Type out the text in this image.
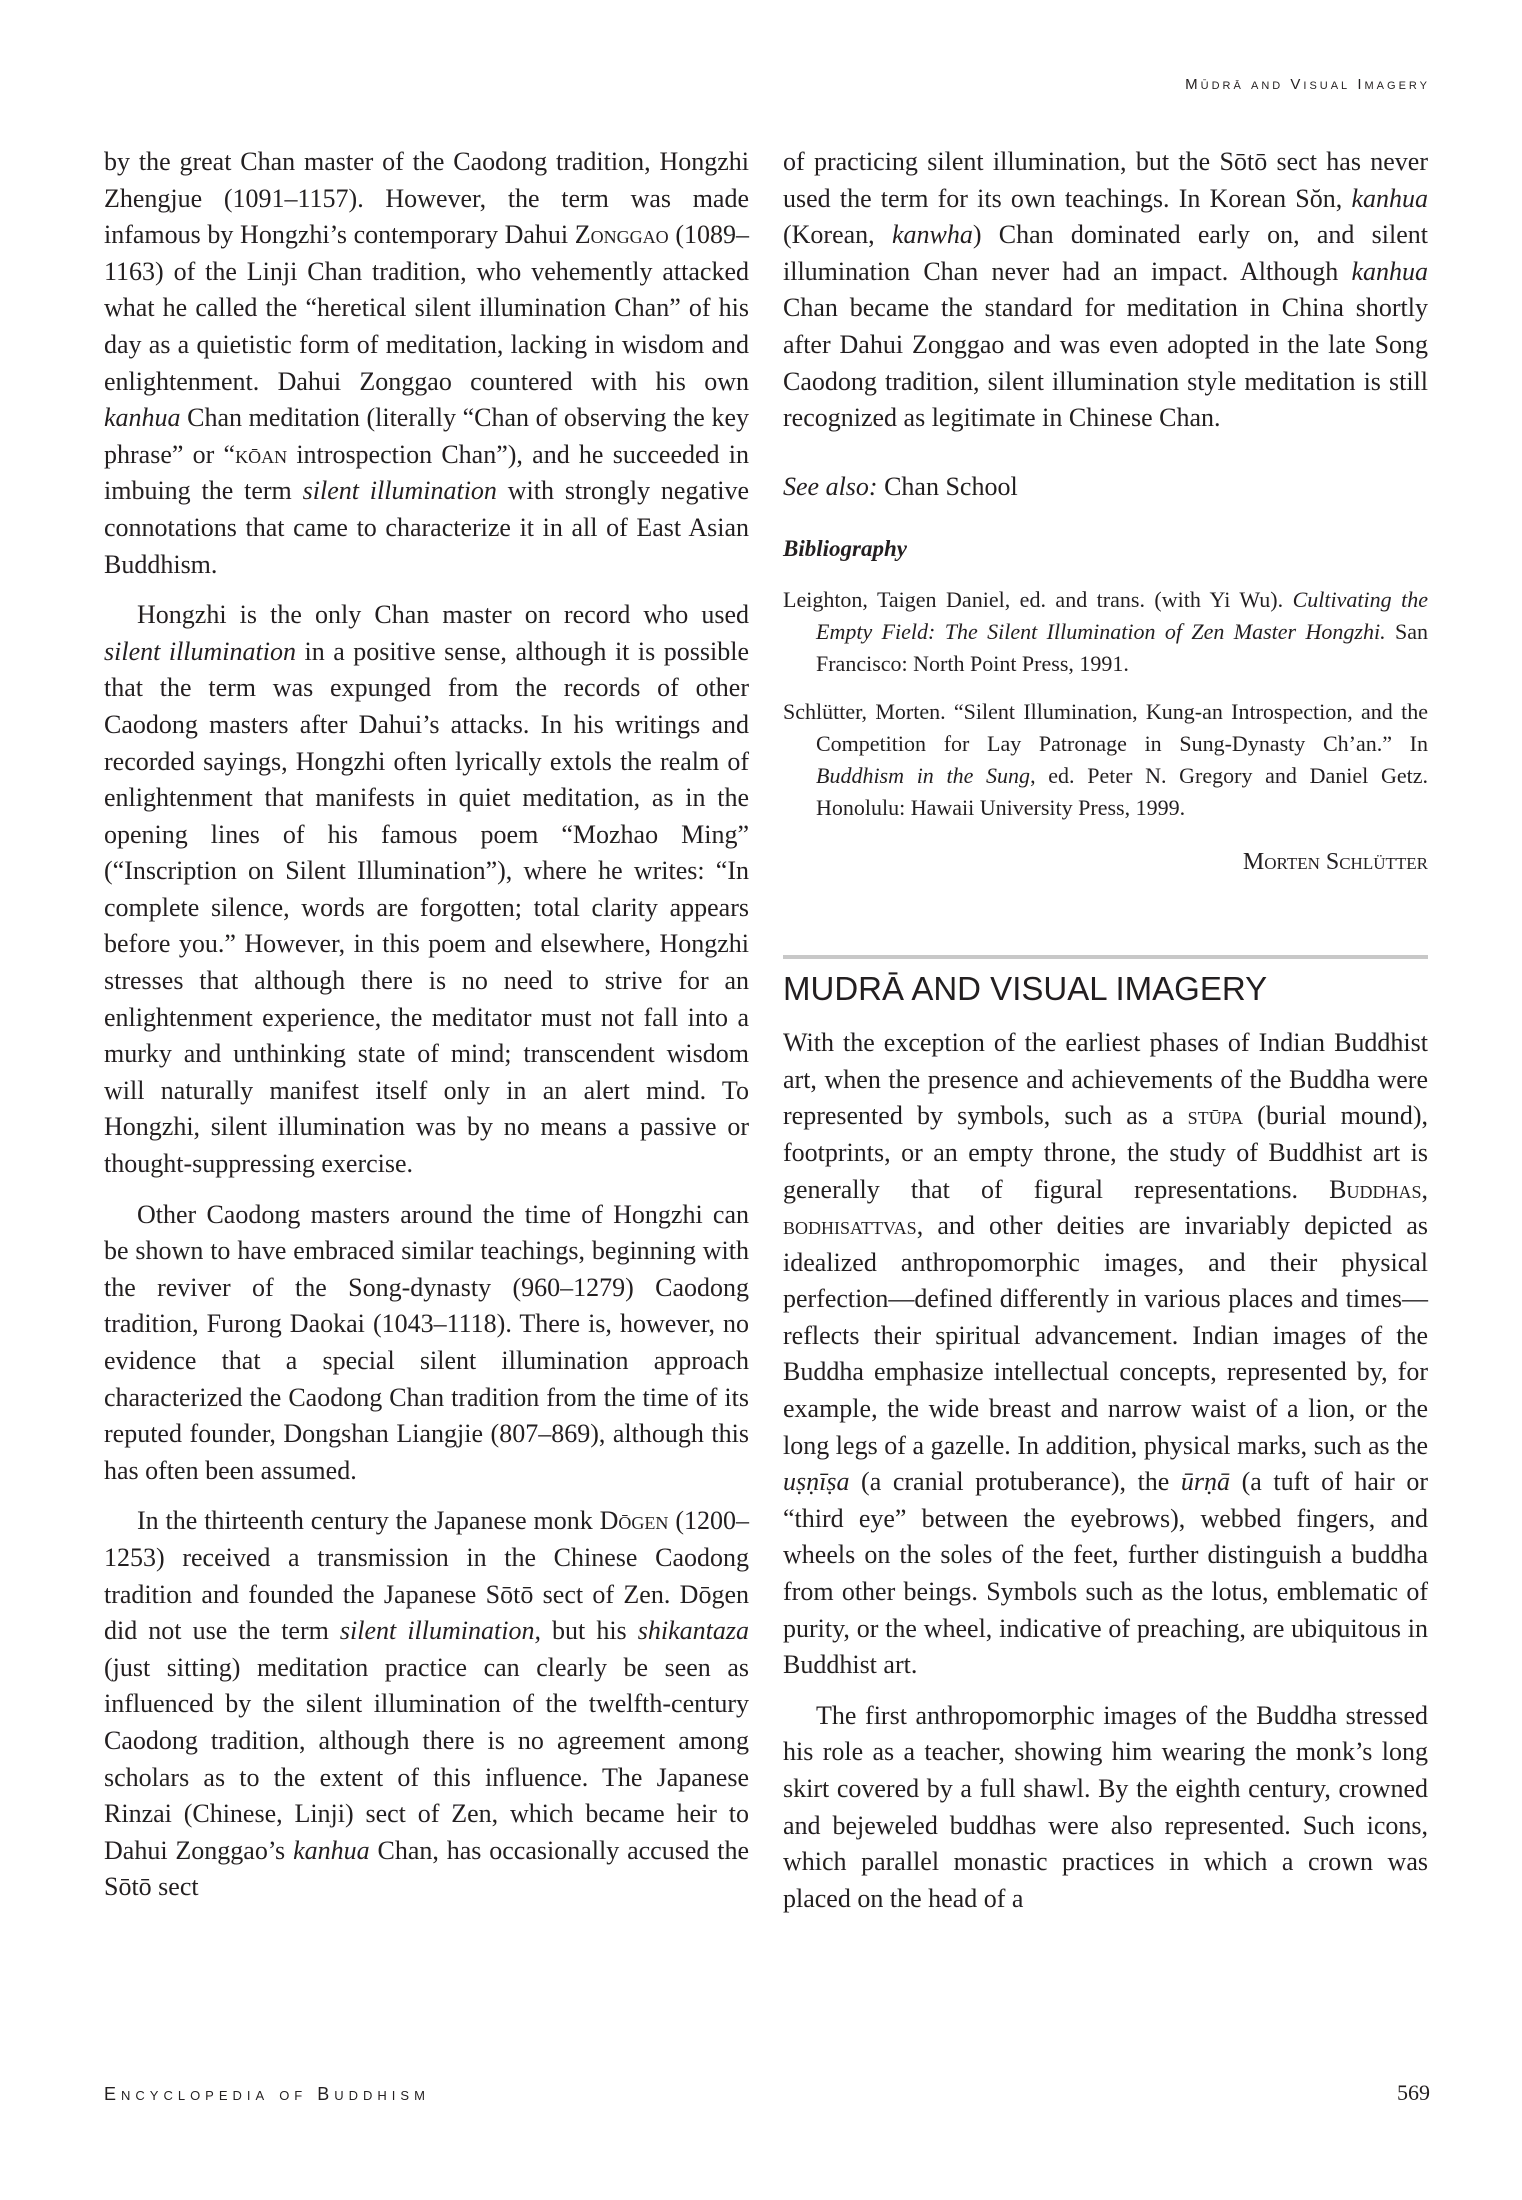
Mūdrā and Visual Imagery

by the great Chan master of the Caodong tradition, Hongzhi Zhengjue (1091–1157). However, the term was made infamous by Hongzhi’s contemporary Dahui Zonggao (1089–1163) of the Linji Chan tradition, who vehemently attacked what he called the “heretical silent illumination Chan” of his day as a quietistic form of meditation, lacking in wisdom and enlightenment. Dahui Zonggao countered with his own kanhua Chan meditation (literally “Chan of observing the key phrase” or “kōan introspection Chan”), and he succeeded in imbuing the term silent illumination with strongly negative connotations that came to characterize it in all of East Asian Buddhism.

Hongzhi is the only Chan master on record who used silent illumination in a positive sense, although it is possible that the term was expunged from the records of other Caodong masters after Dahui’s attacks. In his writings and recorded sayings, Hongzhi often lyrically extols the realm of enlightenment that manifests in quiet meditation, as in the opening lines of his famous poem “Mozhao Ming” (“Inscription on Silent Illumination”), where he writes: “In complete silence, words are forgotten; total clarity appears before you.” However, in this poem and elsewhere, Hongzhi stresses that although there is no need to strive for an enlightenment experience, the meditator must not fall into a murky and unthinking state of mind; transcendent wisdom will naturally manifest itself only in an alert mind. To Hongzhi, silent illumination was by no means a passive or thought-suppressing exercise.

Other Caodong masters around the time of Hongzhi can be shown to have embraced similar teachings, beginning with the reviver of the Song-dynasty (960–1279) Caodong tradition, Furong Daokai (1043–1118). There is, however, no evidence that a special silent illumination approach characterized the Caodong Chan tradition from the time of its reputed founder, Dongshan Liangjie (807–869), although this has often been assumed.

In the thirteenth century the Japanese monk Dōgen (1200–1253) received a transmission in the Chinese Caodong tradition and founded the Japanese Sōtō sect of Zen. Dōgen did not use the term silent illumination, but his shikantaza (just sitting) meditation practice can clearly be seen as influenced by the silent illumination of the twelfth-century Caodong tradition, although there is no agreement among scholars as to the extent of this influence. The Japanese Rinzai (Chinese, Linji) sect of Zen, which became heir to Dahui Zonggao’s kanhua Chan, has occasionally accused the Sōtō sect

of practicing silent illumination, but the Sōtō sect has never used the term for its own teachings. In Korean Sŏn, kanhua (Korean, kanwha) Chan dominated early on, and silent illumination Chan never had an impact. Although kanhua Chan became the standard for meditation in China shortly after Dahui Zonggao and was even adopted in the late Song Caodong tradition, silent illumination style meditation is still recognized as legitimate in Chinese Chan.

See also: Chan School

Bibliography
Leighton, Taigen Daniel, ed. and trans. (with Yi Wu). Cultivating the Empty Field: The Silent Illumination of Zen Master Hongzhi. San Francisco: North Point Press, 1991.
Schlütter, Morten. “Silent Illumination, Kung-an Introspection, and the Competition for Lay Patronage in Sung-Dynasty Ch’an.” In Buddhism in the Sung, ed. Peter N. Gregory and Daniel Getz. Honolulu: Hawaii University Press, 1999.
Morten Schlütter
MUDRĀ AND VISUAL IMAGERY

With the exception of the earliest phases of Indian Buddhist art, when the presence and achievements of the Buddha were represented by symbols, such as a stūpa (burial mound), footprints, or an empty throne, the study of Buddhist art is generally that of figural representations. Buddhas, bodhisattvas, and other deities are invariably depicted as idealized anthropomorphic images, and their physical perfection—defined differently in various places and times—reflects their spiritual advancement. Indian images of the Buddha emphasize intellectual concepts, represented by, for example, the wide breast and narrow waist of a lion, or the long legs of a gazelle. In addition, physical marks, such as the uṣṇīṣa (a cranial protuberance), the ūrṇā (a tuft of hair or “third eye” between the eyebrows), webbed fingers, and wheels on the soles of the feet, further distinguish a buddha from other beings. Symbols such as the lotus, emblematic of purity, or the wheel, indicative of preaching, are ubiquitous in Buddhist art.

The first anthropomorphic images of the Buddha stressed his role as a teacher, showing him wearing the monk’s long skirt covered by a full shawl. By the eighth century, crowned and bejeweled buddhas were also represented. Such icons, which parallel monastic practices in which a crown was placed on the head of a

Encyclopedia of Buddhism	569
